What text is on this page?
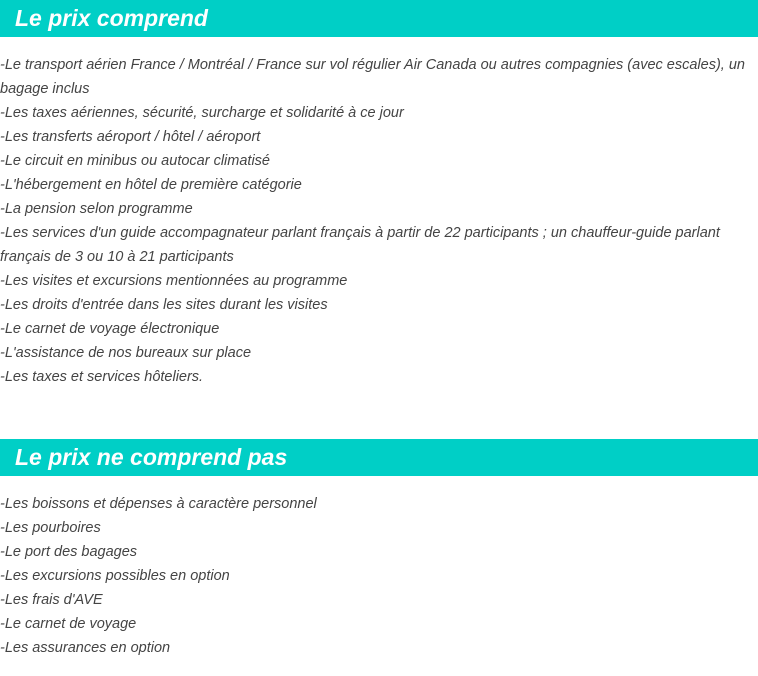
Le prix comprend
-Le transport aérien France / Montréal / France sur vol régulier Air Canada ou autres compagnies (avec escales), un bagage inclus
-Les taxes aériennes, sécurité, surcharge et solidarité à ce jour
-Les transferts aéroport / hôtel / aéroport
-Le circuit en minibus ou autocar climatisé
-L'hébergement en hôtel de première catégorie
-La pension selon programme
-Les services d'un guide accompagnateur parlant français à partir de 22 participants ; un chauffeur-guide parlant français de 3 ou 10 à 21 participants
-Les visites et excursions mentionnées au programme
-Les droits d'entrée dans les sites durant les visites
-Le carnet de voyage électronique
-L'assistance de nos bureaux sur place
-Les taxes et services hôteliers.
Le prix ne comprend pas
-Les boissons et dépenses à caractère personnel
-Les pourboires
-Le port des bagages
-Les excursions possibles en option
-Les frais d'AVE
-Le carnet de voyage
-Les assurances en option
